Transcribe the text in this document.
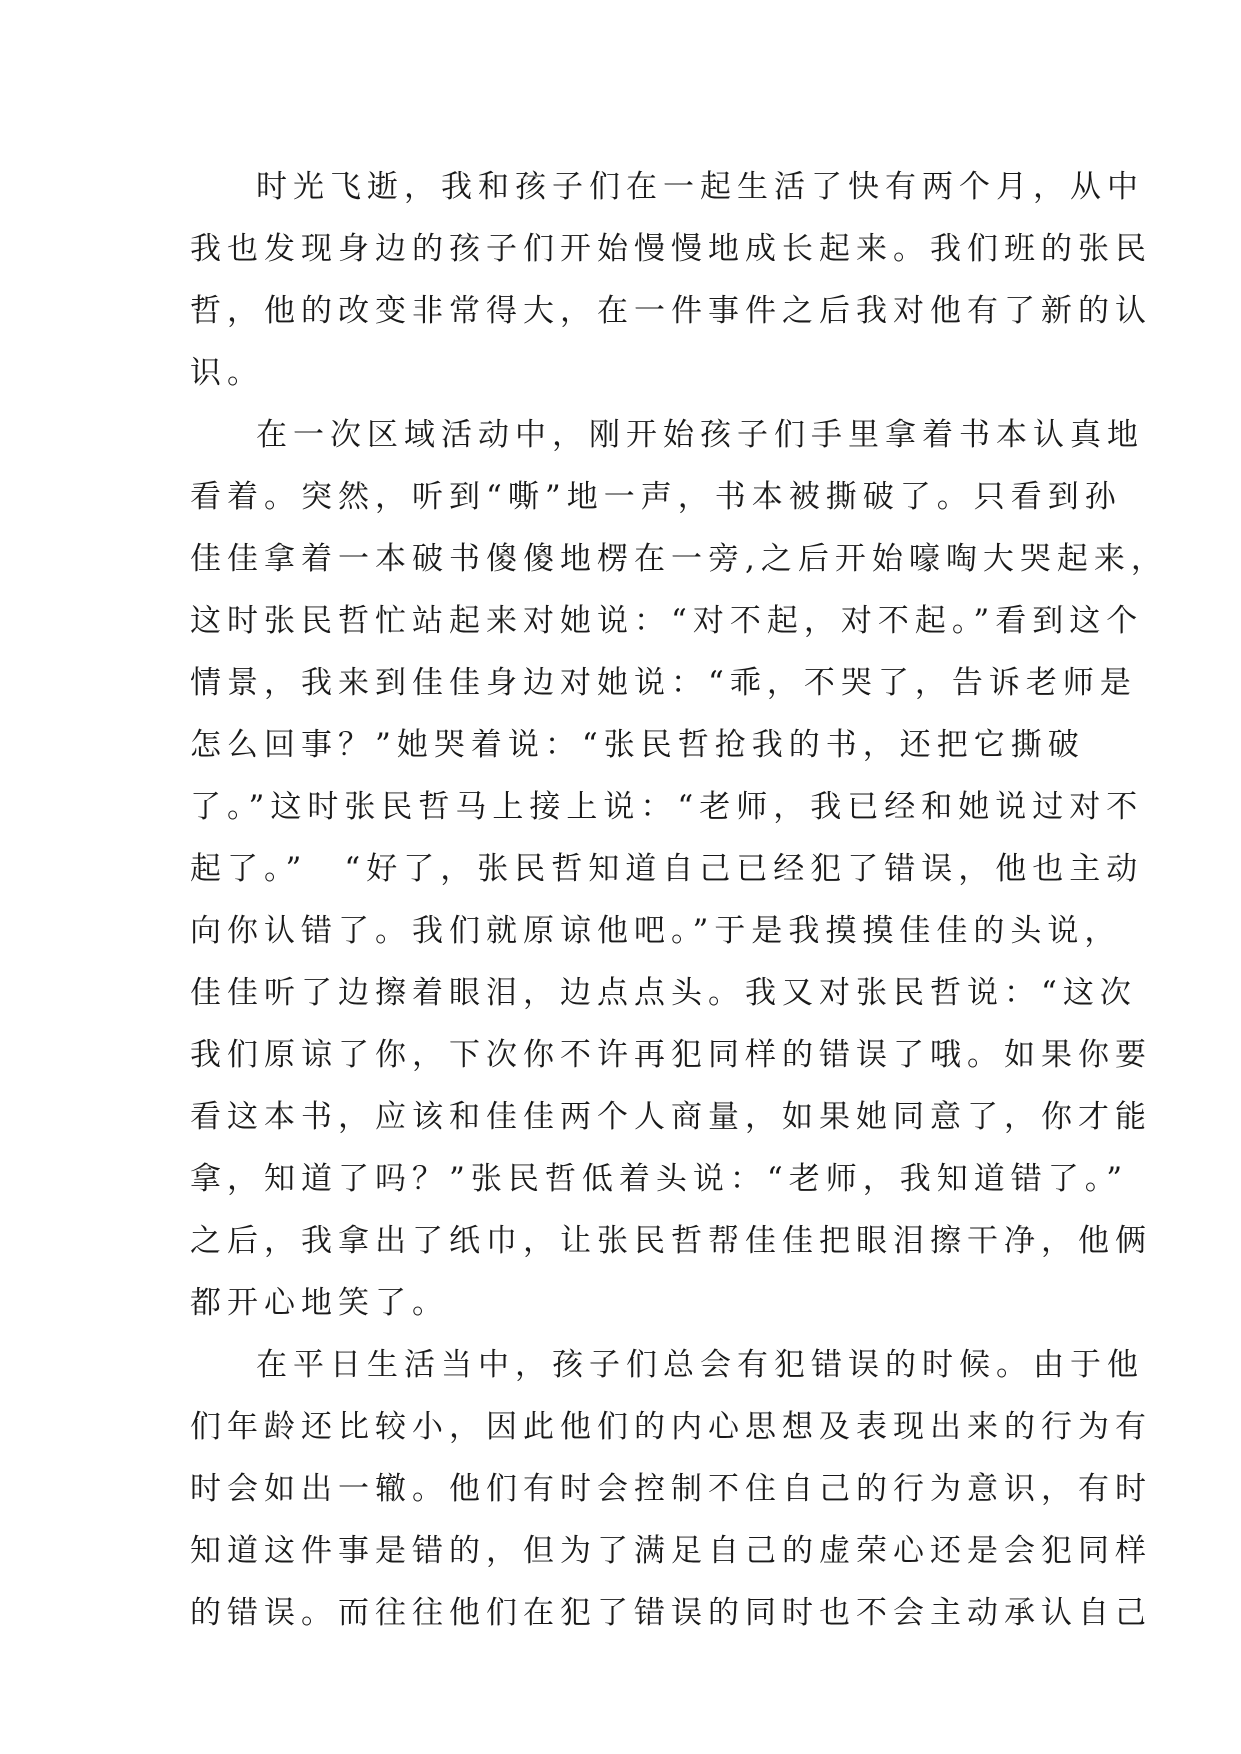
时光飞逝，我和孩子们在一起生活了快有两个月，从中
我也发现身边的孩子们开始慢慢地成长起来。我们班的张民
哲，他的改变非常得大，在一件事件之后我对他有了新的认
识。
在一次区域活动中，刚开始孩子们手里拿着书本认真地
看着。突然，听到“嘶”地一声，书本被撕破了。只看到孙
佳佳拿着一本破书傻傻地楞在一旁,之后开始嚎啕大哭起来，
这时张民哲忙站起来对她说：“对不起，对不起。”看到这个
情景，我来到佳佳身边对她说：“乖，不哭了，告诉老师是
怎么回事？”她哭着说：“张民哲抢我的书，还把它撕破
了。”这时张民哲马上接上说：“老师，我已经和她说过对不
起了。”　“好了，张民哲知道自己已经犯了错误，他也主动
向你认错了。我们就原谅他吧。”于是我摸摸佳佳的头说，
佳佳听了边擦着眼泪，边点点头。我又对张民哲说：“这次
我们原谅了你，下次你不许再犯同样的错误了哦。如果你要
看这本书，应该和佳佳两个人商量，如果她同意了，你才能
拿，知道了吗？”张民哲低着头说：“老师，我知道错了。”
之后，我拿出了纸巾，让张民哲帮佳佳把眼泪擦干净，他俩
都开心地笑了。
在平日生活当中，孩子们总会有犯错误的时候。由于他
们年龄还比较小，因此他们的内心思想及表现出来的行为有
时会如出一辙。他们有时会控制不住自己的行为意识，有时
知道这件事是错的，但为了满足自己的虚荣心还是会犯同样
的错误。而往往他们在犯了错误的同时也不会主动承认自己
